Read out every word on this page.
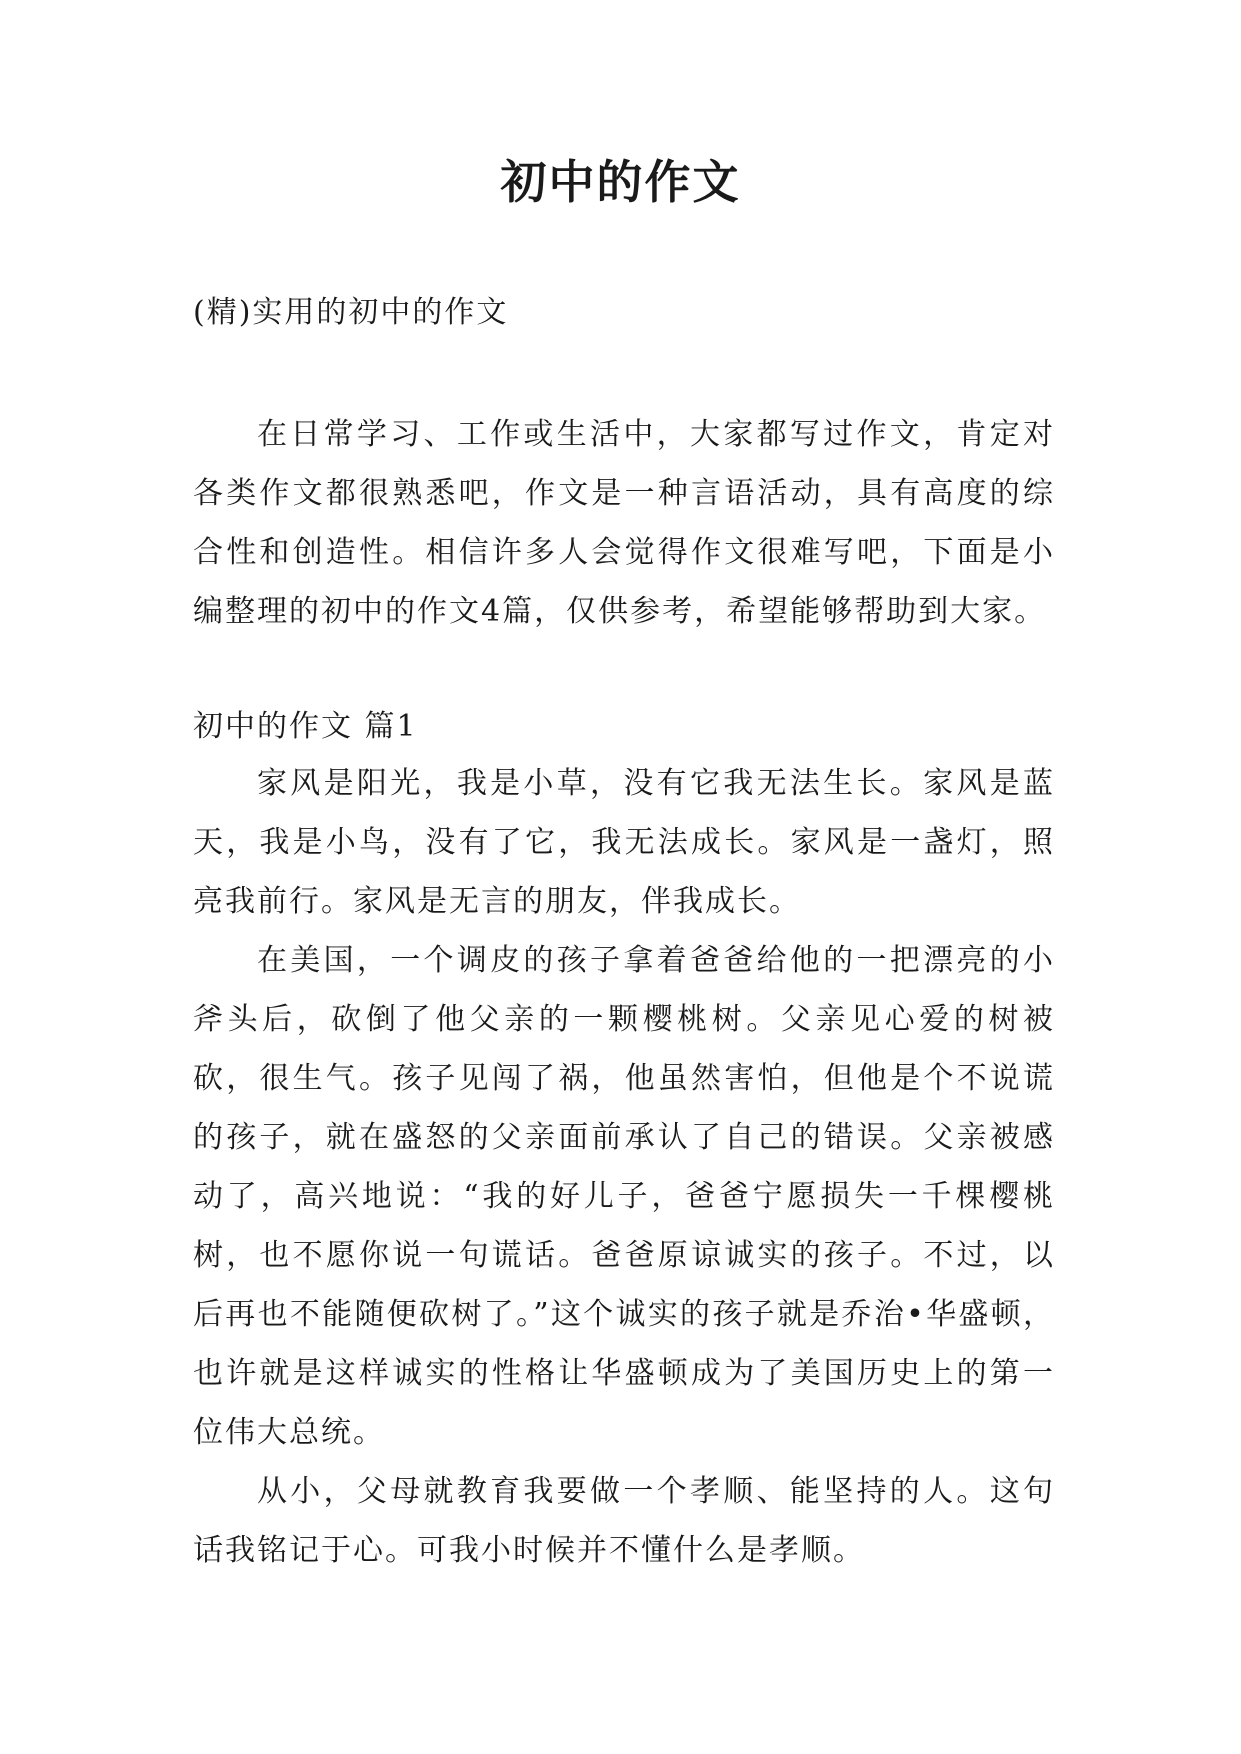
初中的作文
(精)实用的初中的作文

在日常学习、工作或生活中，大家都写过作文，肯定对各类作文都很熟悉吧，作文是一种言语活动，具有高度的综合性和创造性。相信许多人会觉得作文很难写吧，下面是小编整理的初中的作文4篇，仅供参考，希望能够帮助到大家。

初中的作文 篇1

家风是阳光，我是小草，没有它我无法生长。家风是蓝天，我是小鸟，没有了它，我无法成长。家风是一盏灯，照亮我前行。家风是无言的朋友，伴我成长。

在美国，一个调皮的孩子拿着爸爸给他的一把漂亮的小斧头后，砍倒了他父亲的一颗樱桃树。父亲见心爱的树被砍，很生气。孩子见闯了祸，他虽然害怕，但他是个不说谎的孩子，就在盛怒的父亲面前承认了自己的错误。父亲被感动了，高兴地说：“我的好儿子，爸爸宁愿损失一千棵樱桃树，也不愿你说一句谎话。爸爸原谅诚实的孩子。不过，以后再也不能随便砍树了。”这个诚实的孩子就是乔治•华盛顿，也许就是这样诚实的性格让华盛顿成为了美国历史上的第一位伟大总统。

从小，父母就教育我要做一个孝顺、能坚持的人。这句话我铭记于心。可我小时候并不懂什么是孝顺。
